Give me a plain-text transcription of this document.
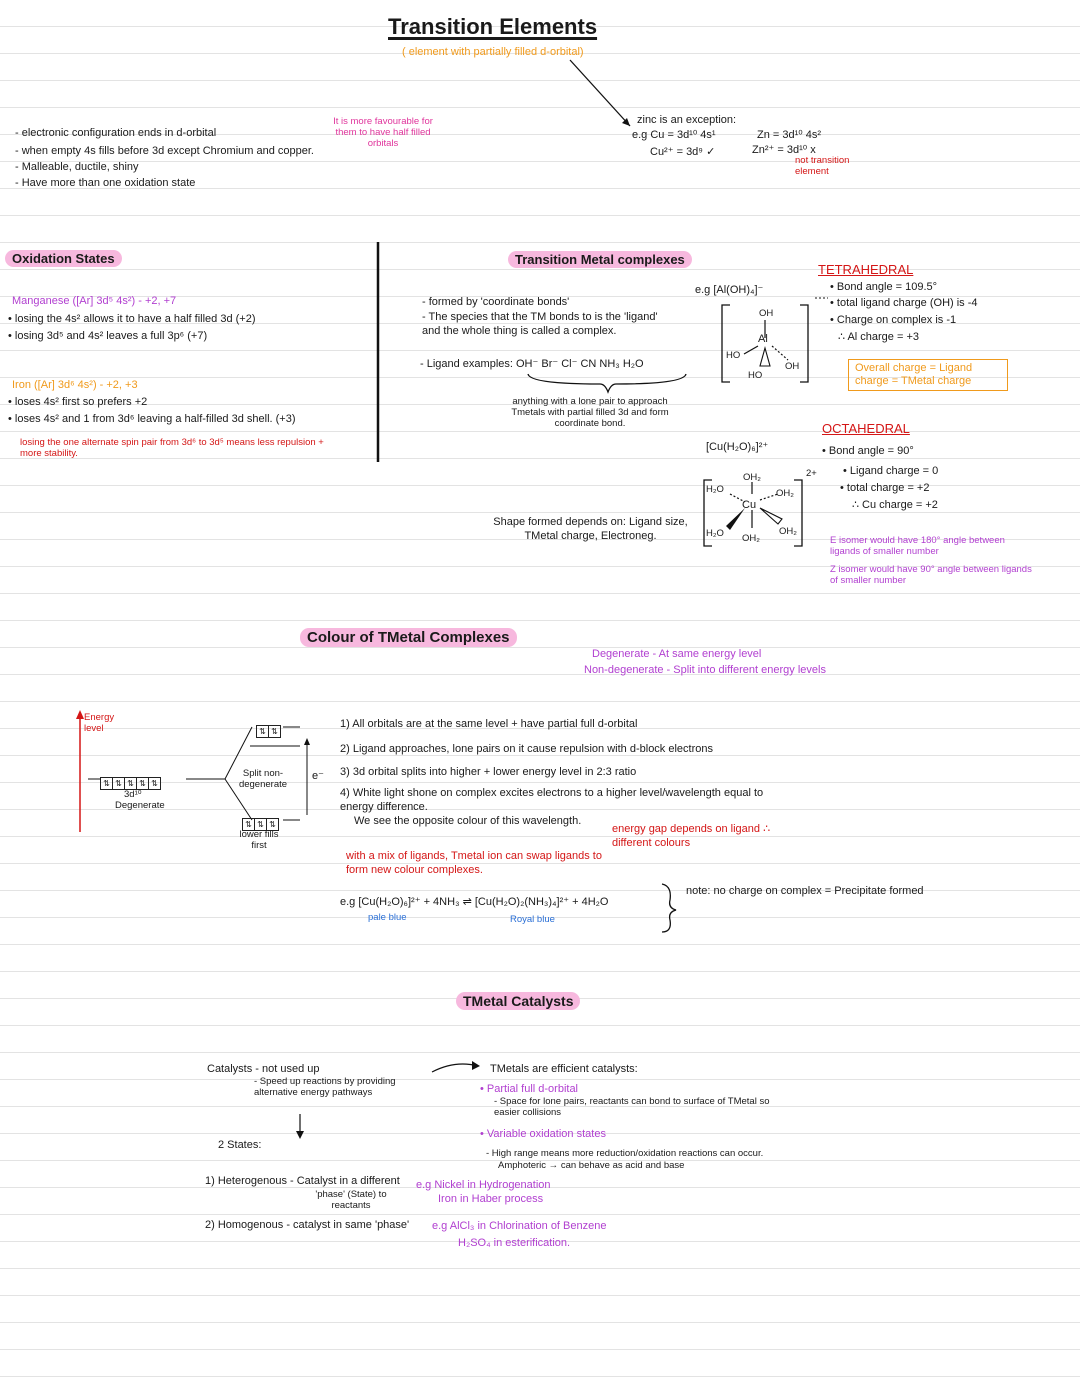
Transition Elements
( element with partially filled d-orbital)
- electronic configuration ends in d-orbital
- when empty 4s fills before 3d except Chromium and copper.
- Malleable, ductile, shiny
- Have more than one oxidation state
It is more favourable for them to have half filled orbitals
zinc is an exception:
e.g Cu = 3d¹⁰ 4s¹
Cu²⁺ = 3d⁹ ✓
Zn = 3d¹⁰ 4s²
Zn²⁺ = 3d¹⁰ x
not transition element
Oxidation States
Manganese ([Ar] 3d⁵ 4s²) - +2, +7
• losing the 4s² allows it to have a half filled 3d (+2)
• losing 3d⁵ and 4s² leaves a full 3p⁶ (+7)
Iron ([Ar] 3d⁶ 4s²) - +2, +3
• loses 4s² first so prefers +2
• loses 4s² and 1 from 3d⁶ leaving a half-filled 3d shell. (+3)
losing the one alternate spin pair from 3d⁶ to 3d⁵ means less repulsion + more stability.
Transition Metal complexes
- formed by 'coordinate bonds'
- The species that the TM bonds to is the 'ligand' and the whole thing is called a complex.
- Ligand examples: OH⁻ Br⁻ Cl⁻ CN NH₃ H₂O
anything with a lone pair to approach Tmetals with partial filled 3d and form coordinate bond.
Shape formed depends on: Ligand size, TMetal charge, Electroneg.
e.g [Al(OH)₄]⁻
OH
Al
HO
HO
OH
[Cu(H₂O)₆]²⁺
OH₂
H₂O
Cu
OH₂
H₂O OH₂
OH₂
2+
TETRAHEDRAL
• Bond angle = 109.5°
• total ligand charge (OH) is -4
• Charge on complex is -1
∴ Al charge = +3
Overall charge = Ligand charge = TMetal charge
OCTAHEDRAL
• Bond angle = 90°
• Ligand charge = 0
• total charge = +2
∴ Cu charge = +2
E isomer would have 180° angle between ligands of smaller number
Z isomer would have 90° angle between ligands of smaller number
Colour of TMetal Complexes
Degenerate - At same energy level
Non-degenerate - Split into different energy levels
Energy level
⇅ ⇅ ⇅ ⇅ ⇅
3d¹⁰
Degenerate
⇅ ⇅
⇅ ⇅ ⇅
Split non-degenerate
lower fills first
e⁻
1) All orbitals are at the same level + have partial full d-orbital
2) Ligand approaches, lone pairs on it cause repulsion with d-block electrons
3) 3d orbital splits into higher + lower energy level in 2:3 ratio
4) White light shone on complex excites electrons to a higher level/wavelength equal to energy difference.
We see the opposite colour of this wavelength.
energy gap depends on ligand ∴ different colours
with a mix of ligands, Tmetal ion can swap ligands to form new colour complexes.
e.g [Cu(H₂O)₆]²⁺ + 4NH₃ ⇌ [Cu(H₂O)₂(NH₃)₄]²⁺ + 4H₂O
pale blue	Royal blue
note: no charge on complex = Precipitate formed
TMetal Catalysts
Catalysts - not used up
- Speed up reactions by providing alternative energy pathways
2 States:
1) Heterogenous - Catalyst in a different
'phase' (State) to reactants
e.g Nickel in Hydrogenation
Iron in Haber process
2) Homogenous - catalyst in same 'phase' e.g AlCl₃ in Chlorination of Benzene
H₂SO₄ in esterification.
TMetals are efficient catalysts:
• Partial full d-orbital
- Space for lone pairs, reactants can bond to surface of TMetal so easier collisions
• Variable oxidation states
- High range means more reduction/oxidation reactions can occur.
Amphoteric → can behave as acid and base
